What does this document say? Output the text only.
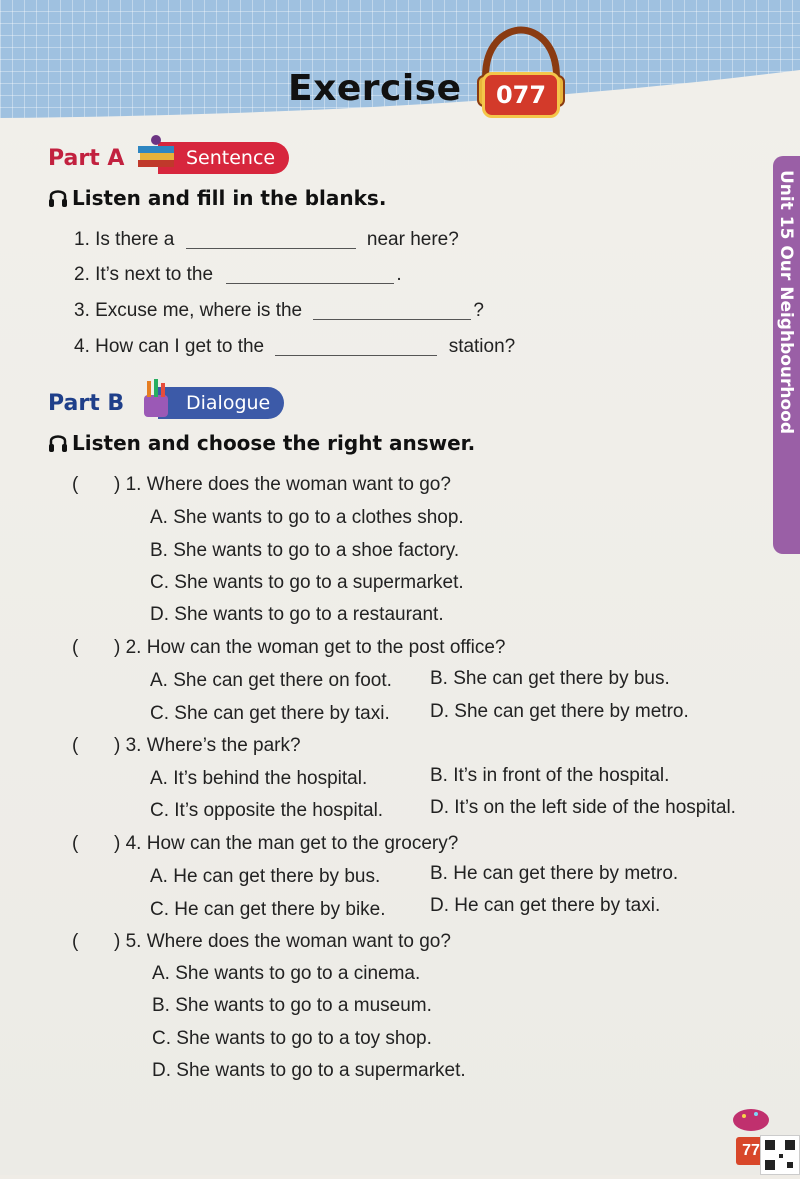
Exercise	077
Unit 15 Our Neighbourhood
Part A	Sentence
Listen and fill in the blanks.
1. Is there a	near here?
2. It’s next to the	.
3. Excuse me, where is the	?
4. How can I get to the	station?
Part B	Dialogue
Listen and choose the right answer.
( ) 1. Where does the woman want to go?
A. She wants to go to a clothes shop.
B. She wants to go to a shoe factory.
C. She wants to go to a supermarket.
D. She wants to go to a restaurant.
( ) 2. How can the woman get to the post office?
A. She can get there on foot. B. She can get there by bus.
C. She can get there by taxi. D. She can get there by metro.
( ) 3. Where’s the park?
A. It’s behind the hospital.	B. It’s in front of the hospital.
C. It’s opposite the hospital. D. It’s on the left side of the hospital.
( ) 4. How can the man get to the grocery?
A. He can get there by bus.	B. He can get there by metro.
C. He can get there by bike. D. He can get there by taxi.
( ) 5. Where does the woman want to go?
A. She wants to go to a cinema.
B. She wants to go to a museum.
C. She wants to go to a toy shop.
D. She wants to go to a supermarket.
77
